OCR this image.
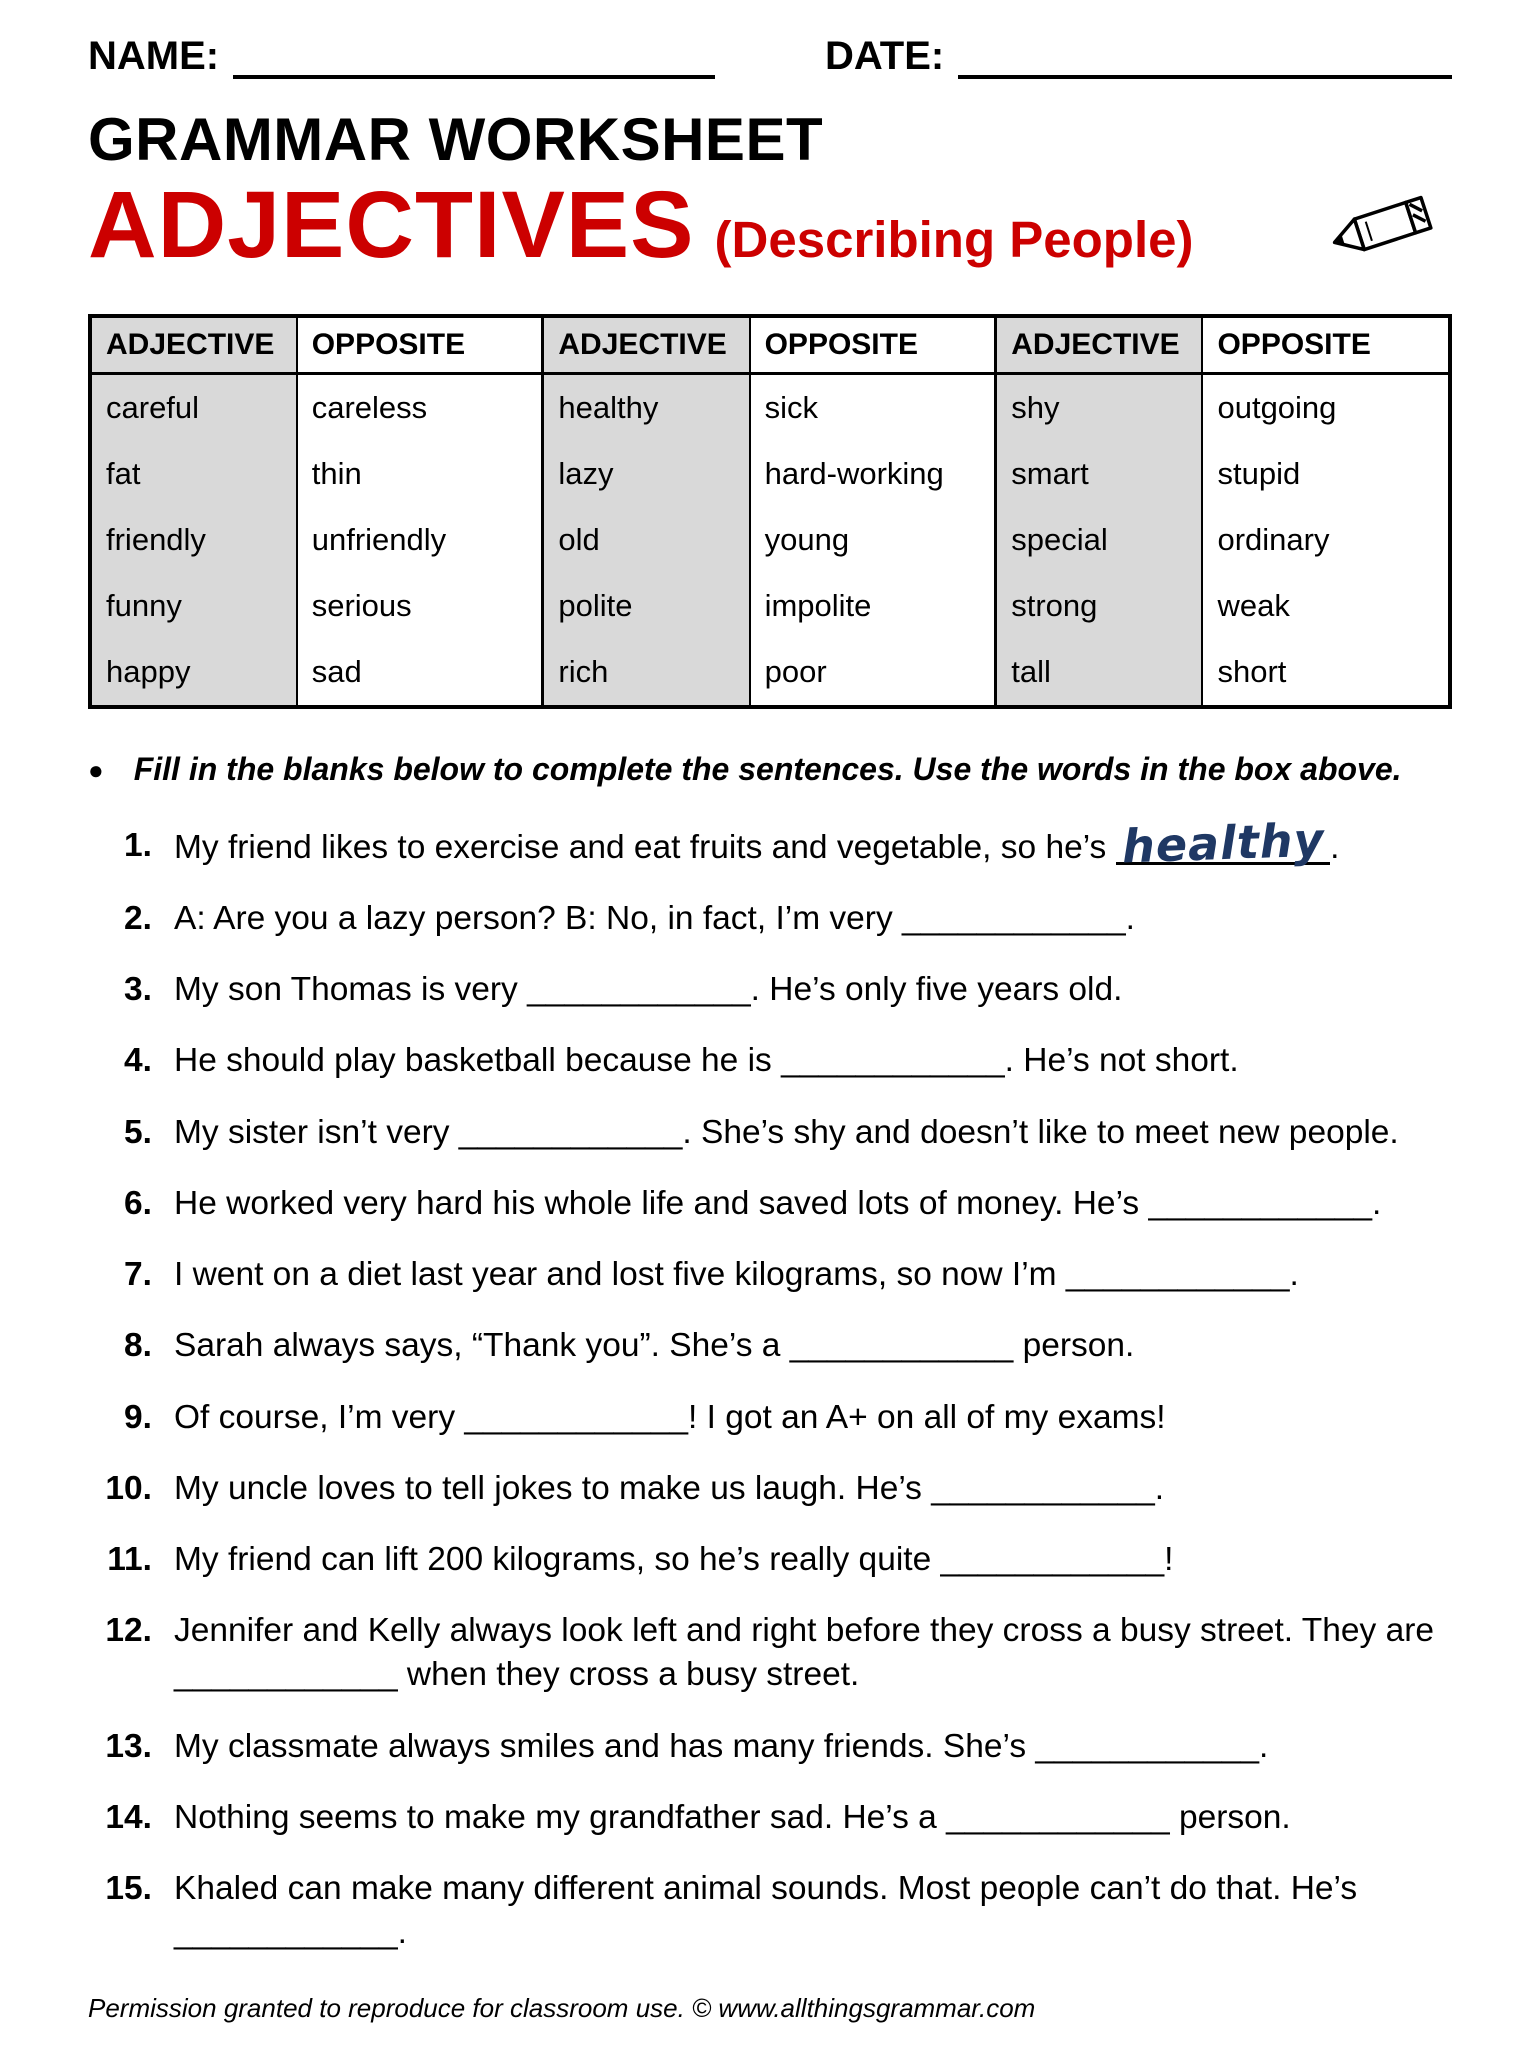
NAME:	DATE:
GRAMMAR WORKSHEET
ADJECTIVES (Describing People)
ADJECTIVE	OPPOSITE	ADJECTIVE	OPPOSITE	ADJECTIVE	OPPOSITE
careful	careless	healthy	sick	shy	outgoing
fat	thin	lazy	hard-working	smart	stupid
friendly	unfriendly	old	young	special	ordinary
funny	serious	polite	impolite	strong	weak
happy	sad	rich	poor	tall	short
● Fill in the blanks below to complete the sentences. Use the words in the box above.
1. My friend likes to exercise and eat fruits and vegetable, so he’s healthy .
2. A: Are you a lazy person? B: No, in fact, I’m very ____________.
3. My son Thomas is very ____________. He’s only five years old.
4. He should play basketball because he is ____________. He’s not short.
5. My sister isn’t very ____________. She’s shy and doesn’t like to meet new people.
6. He worked very hard his whole life and saved lots of money. He’s ____________.
7. I went on a diet last year and lost five kilograms, so now I’m ____________.
8. Sarah always says, “Thank you”. She’s a ____________ person.
9. Of course, I’m very ____________! I got an A+ on all of my exams!
10. My uncle loves to tell jokes to make us laugh. He’s ____________.
11. My friend can lift 200 kilograms, so he’s really quite ____________!
12. Jennifer and Kelly always look left and right before they cross a busy street. They are ____________ when they cross a busy street.
13. My classmate always smiles and has many friends. She’s ____________.
14. Nothing seems to make my grandfather sad. He’s a ____________ person.
15. Khaled can make many different animal sounds. Most people can’t do that. He’s ____________.
Permission granted to reproduce for classroom use. © www.allthingsgrammar.com
